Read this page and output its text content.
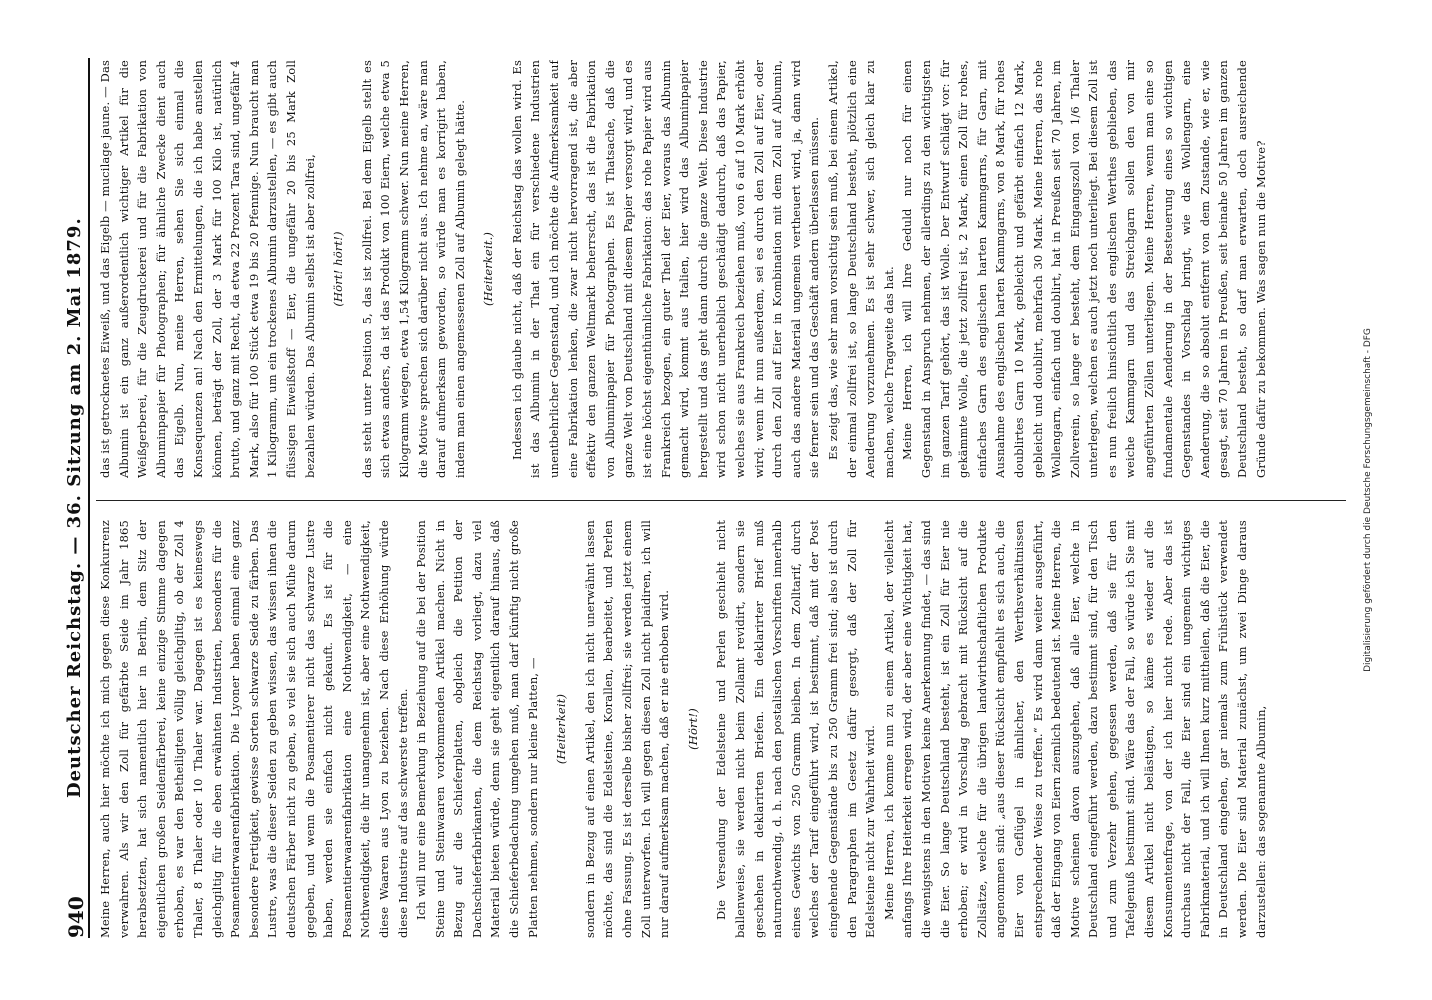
940
Deutscher Reichstag. — 36. Sitzung am 2. Mai 1879. Meine Herren, auch hier möchte ich mich gegen diese Konkurrenz verwahren. Als wir den Zoll für gefärbte Seide im Jahr 1865 herabsetzten, hat sich namentlich hier in Berlin, dem Sitz der eigentlichen großen Seidenfärberei, keine einzige Stimme dagegen erhoben, es war den Betheiligten völlig gleichgiltig, ob der Zoll 4 Thaler, 8 Thaler oder 10 Thaler war. Dagegen ist es keineswegs gleichgiltig für die eben erwähnten Industrien, besonders für die Posamentierwaarenfabrikation. Die Lyoner haben einmal eine ganz besondere Fertigkeit, gewisse Sorten schwarze Seide zu färben. Das Lustre, was die dieser Seiden zu geben wissen, das wissen ihnen die deutschen Färber nicht zu geben, so viel sie sich auch Mühe darum gegeben, und wenn die Posamentierer nicht das schwarze Lustre haben, werden sie einfach nicht gekauft. Es ist für die Posamentierwaarenfabrikation eine Nothwendigkeit, — eine Nothwendigkeit, die ihr unangenehm ist, aber eine Nothwendigkeit, diese Waaren aus Lyon zu beziehen. Nach diese Erhöhung würde diese Industrie auf das schwerste treffen. Ich will nur eine Bemerkung in Beziehung auf die bei der Position Steine und Steinwaaren vorkommenden Artikel machen. Nicht in Bezug auf die Schieferplatten, obgleich die Petition der Dachschieferfabrikanten, die dem Reichstag vorliegt, dazu viel Material bieten würde, denn sie geht eigentlich darauf hinaus, daß die Schieferbedachung umgehen muß, man darf künftig nicht große Platten nehmen, sondern nur kleine Platten, — (Heiterkeit) sondern in Bezug auf einen Artikel, den ich nicht unerwähnt lassen möchte, das sind die Edelsteine, Korallen, bearbeitet, und Perlen ohne Fassung. Es ist derselbe bisher zollfrei; sie werden jetzt einem Zoll unterworfen. Ich will gegen diesen Zoll nicht plaidiren, ich will nur darauf aufmerksam machen, daß er nie erhoben wird. (Hört!) Die Versendung der Edelsteine und Perlen geschieht nicht ballenweise, sie werden nicht beim Zollamt revidirt, sondern sie geschehen in deklarirten Briefen. Ein deklarirter Brief muß naturnothwendig, d. h. nach den postalischen Vorschriften innerhalb eines Gewichts von 250 Gramm bleiben. In dem Zolltarif, durch welches der Tarif eingeführt wird, ist bestimmt, daß mit der Post eingehende Gegenstände bis zu 250 Gramm frei sind; also ist durch den Paragraphen im Gesetz dafür gesorgt, daß der Zoll für Edelsteine nicht zur Wahrheit wird. Meine Herren, ich komme nun zu einem Artikel, der vielleicht anfangs Ihre Heiterkeit erregen wird, der aber eine Wichtigkeit hat, die wenigstens in den Motiven keine Anerkennung findet, — das sind die Eier. So lange Deutschland besteht, ist ein Zoll für Eier nie erhoben; er wird in Vorschlag gebracht mit Rücksicht auf die Zollsätze, welche für die übrigen landwirthschaftlichen Produkte angenommen sind: „aus dieser Rücksicht empfiehlt es sich auch, die Eier von Geflügel in ähnlicher, den Werthsverhältnissen entsprechender Weise zu treffen.“ Es wird dann weiter ausgeführt, daß der Eingang von Eiern ziemlich bedeutend ist. Meine Herren, die Motive scheinen davon auszugehen, daß alle Eier, welche in Deutschland eingeführt werden, dazu bestimmt sind, für den Tisch und zum Verzehr gehen, gegessen werden, daß sie für den Tafelgenuß bestimmt sind. Wäre das der Fall, so würde ich Sie mit diesem Artikel nicht belästigen, so käme es wieder auf die Konsumentenfrage, von der ich hier nicht rede. Aber das ist durchaus nicht der Fall, die Eier sind ein ungemein wichtiges Fabrikmaterial, und ich will Ihnen kurz mittheilen, daß die Eier, die in Deutschland eingehen, gar niemals zum Frühstück verwendet werden. Die Eier sind Material zunächst, um zwei Dinge daraus darzustellen: das sogenannte Albumin,

das ist getrocknetes Eiweiß, und das Eigelb — mucilage jaune. — Das Albumin ist ein ganz außerordentlich wichtiger Artikel für die Weißgerberei, für die Zeugdruckerei und für die Fabrikation von Albuminpapier für Photographen; für ähnliche Zwecke dient auch das Eigelb. Nun, meine Herren, sehen Sie sich einmal die Konsequenzen an! Nach den Ermittelungen, die ich habe anstellen können, beträgt der Zoll, der 3 Mark für 100 Kilo ist, natürlich brutto, und ganz mit Recht, da etwa 22 Prozent Tara sind, ungefähr 4 Mark, also für 100 Stück etwa 19 bis 20 Pfennige. Nun braucht man 1 Kilogramm, um ein trockenes Albumin darzustellen, — es gibt auch flüssigen Eiweißstoff — Eier, die ungefähr 20 bis 25 Mark Zoll bezahlen würden. Das Albumin selbst ist aber zollfrei, (Hört! hört!) das steht unter Position 5, das ist zollfrei. Bei dem Eigelb stellt es sich etwas anders, da ist das Produkt von 100 Eiern, welche etwa 5 Kilogramm wiegen, etwa 1,54 Kilogramm schwer. Nun meine Herren, die Motive sprechen sich darüber nicht aus. Ich nehme an, wäre man darauf aufmerksam geworden, so würde man es korrigirt haben, indem man einen angemessenen Zoll auf Albumin gelegt hätte. (Heiterkeit.) Indessen ich glaube nicht, daß der Reichstag das wollen wird. Es ist das Albumin in der That ein für verschiedene Industrien unentbehrlicher Gegenstand, und ich möchte die Aufmerksamkeit auf eine Fabrikation lenken, die zwar nicht hervorragend ist, die aber effektiv den ganzen Weltmarkt beherrscht, das ist die Fabrikation von Albuminpapier für Photographen. Es ist Thatsache, daß die ganze Welt von Deutschland mit diesem Papier versorgt wird, und es ist eine höchst eigenthümliche Fabrikation: das rohe Papier wird aus Frankreich bezogen, ein guter Theil der Eier, woraus das Albumin gemacht wird, kommt aus Italien, hier wird das Albuminpapier hergestellt und das geht dann durch die ganze Welt. Diese Industrie wird schon nicht unerheblich geschädigt dadurch, daß das Papier, welches sie aus Frankreich beziehen muß, von 6 auf 10 Mark erhöht wird; wenn ihr nun außerdem, sei es durch den Zoll auf Eier, oder durch den Zoll auf Eier in Kombination mit dem Zoll auf Albumin, auch das andere Material ungemein vertheuert wird, ja, dann wird sie ferner sein und das Geschäft andern überlassen müssen. Es zeigt das, wie sehr man vorsichtig sein muß, bei einem Artikel, der einmal zollfrei ist, so lange Deutschland besteht, plötzlich eine Aenderung vorzunehmen. Es ist sehr schwer, sich gleich klar zu machen, welche Tragweite das hat. Meine Herren, ich will Ihre Geduld nur noch für einen Gegenstand in Anspruch nehmen, der allerdings zu den wichtigsten im ganzen Tarif gehört, das ist Wolle. Der Entwurf schlägt vor: für gekämmte Wolle, die jetzt zollfrei ist, 2 Mark, einen Zoll für rohes, einfaches Garn des englischen harten Kammgarns, für Garn, mit Ausnahme des englischen harten Kammgarns, von 8 Mark, für rohes doublirtes Garn 10 Mark, gebleicht und gefärbt einfach 12 Mark, gebleicht und doublirt, mehrfach 30 Mark. Meine Herren, das rohe Wollengarn, einfach und doublirt, hat in Preußen seit 70 Jahren, im Zollverein, so lange er besteht, dem Eingangszoll von 1/6 Thaler unterlegen, welchen es auch jetzt noch unterliegt. Bei diesem Zoll ist es nun freilich hinsichtlich des englischen Werthes geblieben, das weiche Kammgarn und das Streichgarn sollen den von mir angeführten Zöllen unterliegen. Meine Herren, wenn man eine so fundamentale Aenderung in der Besteuerung eines so wichtigen Gegenstandes in Vorschlag bringt, wie das Wollengarn, eine Aenderung, die so absolut entfernt von dem Zustande, wie er, wie gesagt, seit 70 Jahren in Preußen, seit beinahe 50 Jahren im ganzen Deutschland besteht, so darf man erwarten, doch ausreichende Gründe dafür zu bekommen. Was sagen nun die Motive?

Digitalisierung gefördert durch die Deutsche Forschungsgemeinschaft - DFG
